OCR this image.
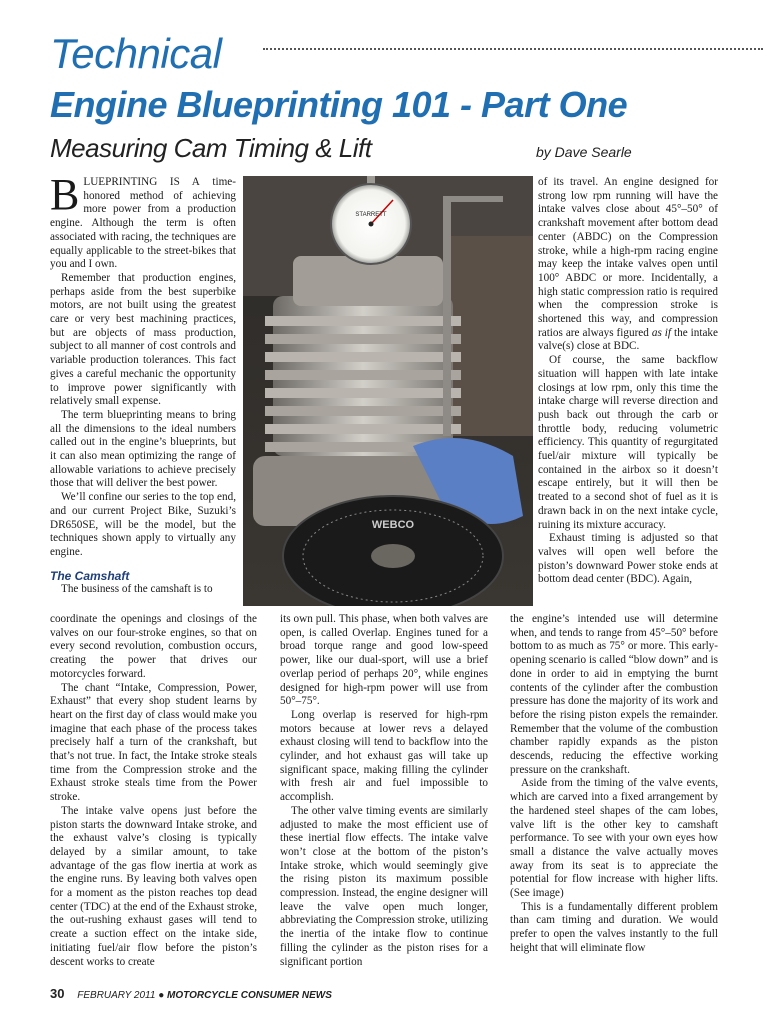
Technical
Engine Blueprinting 101 - Part One
Measuring Cam Timing & Lift	by Dave Searle

BLUEPRINTING IS A time-honored method of achieving more power from a production engine. Although the term is often associated with racing, the techniques are equally applicable to the street-bikes that you and I own.

Remember that production engines, perhaps aside from the best superbike motors, are not built using the greatest care or very best machining practices, but are objects of mass production, subject to all manner of cost controls and variable production tolerances. This fact gives a careful mechanic the opportunity to improve power significantly with relatively small expense.

The term blueprinting means to bring all the dimensions to the ideal numbers called out in the engine’s blueprints, but it can also mean optimizing the range of allowable variations to achieve precisely those that will deliver the best power.

We’ll confine our series to the top end, and our current Project Bike, Suzuki’s DR650SE, will be the model, but the techniques shown apply to virtually any engine.

The Camshaft

The business of the camshaft is to

STARRETT
WEBCO

of its travel. An engine designed for strong low rpm running will have the intake valves close about 45°–50° of crankshaft movement after bottom dead center (ABDC) on the Compression stroke, while a high-rpm racing engine may keep the intake valves open until 100° ABDC or more. Incidentally, a high static compression ratio is required when the compression stroke is shortened this way, and compression ratios are always figured as if the intake valve(s) close at BDC.

Of course, the same backflow situation will happen with late intake closings at low rpm, only this time the intake charge will reverse direction and push back out through the carb or throttle body, reducing volumetric efficiency. This quantity of regurgitated fuel/air mixture will typically be contained in the airbox so it doesn’t escape entirely, but it will then be treated to a second shot of fuel as it is drawn back in on the next intake cycle, ruining its mixture accuracy.

Exhaust timing is adjusted so that valves will open well before the piston’s downward Power stoke ends at bottom dead center (BDC). Again,

coordinate the openings and closings of the valves on our four-stroke engines, so that on every second revolution, combustion occurs, creating the power that drives our motorcycles forward.

The chant “Intake, Compression, Power, Exhaust” that every shop student learns by heart on the first day of class would make you imagine that each phase of the process takes precisely half a turn of the crankshaft, but that’s not true. In fact, the Intake stroke steals time from the Compression stroke and the Exhaust stroke steals time from the Power stroke.

The intake valve opens just before the piston starts the downward Intake stroke, and the exhaust valve’s closing is typically delayed by a similar amount, to take advantage of the gas flow inertia at work as the engine runs. By leaving both valves open for a moment as the piston reaches top dead center (TDC) at the end of the Exhaust stroke, the out-rushing exhaust gases will tend to create a suction effect on the intake side, initiating fuel/air flow before the piston’s descent works to create

its own pull. This phase, when both valves are open, is called Overlap. Engines tuned for a broad torque range and good low-speed power, like our dual-sport, will use a brief overlap period of perhaps 20°, while engines designed for high-rpm power will use from 50°–75°.

Long overlap is reserved for high-rpm motors because at lower revs a delayed exhaust closing will tend to backflow into the cylinder, and hot exhaust gas will take up significant space, making filling the cylinder with fresh air and fuel impossible to accomplish.

The other valve timing events are similarly adjusted to make the most efficient use of these inertial flow effects. The intake valve won’t close at the bottom of the piston’s Intake stroke, which would seemingly give the rising piston its maximum possible compression. Instead, the engine designer will leave the valve open much longer, abbreviating the Compression stroke, utilizing the inertia of the intake flow to continue filling the cylinder as the piston rises for a significant portion

the engine’s intended use will determine when, and tends to range from 45°–50° before bottom to as much as 75° or more. This early-opening scenario is called “blow down” and is done in order to aid in emptying the burnt contents of the cylinder after the combustion pressure has done the majority of its work and before the rising piston expels the remainder. Remember that the volume of the combustion chamber rapidly expands as the piston descends, reducing the effective working pressure on the crankshaft.

Aside from the timing of the valve events, which are carved into a fixed arrangement by the hardened steel shapes of the cam lobes, valve lift is the other key to camshaft performance. To see with your own eyes how small a distance the valve actually moves away from its seat is to appreciate the potential for flow increase with higher lifts. (See image)

This is a fundamentally different problem than cam timing and duration. We would prefer to open the valves instantly to the full height that will eliminate flow

30 FEBRUARY 2011 ● MOTORCYCLE CONSUMER NEWS
